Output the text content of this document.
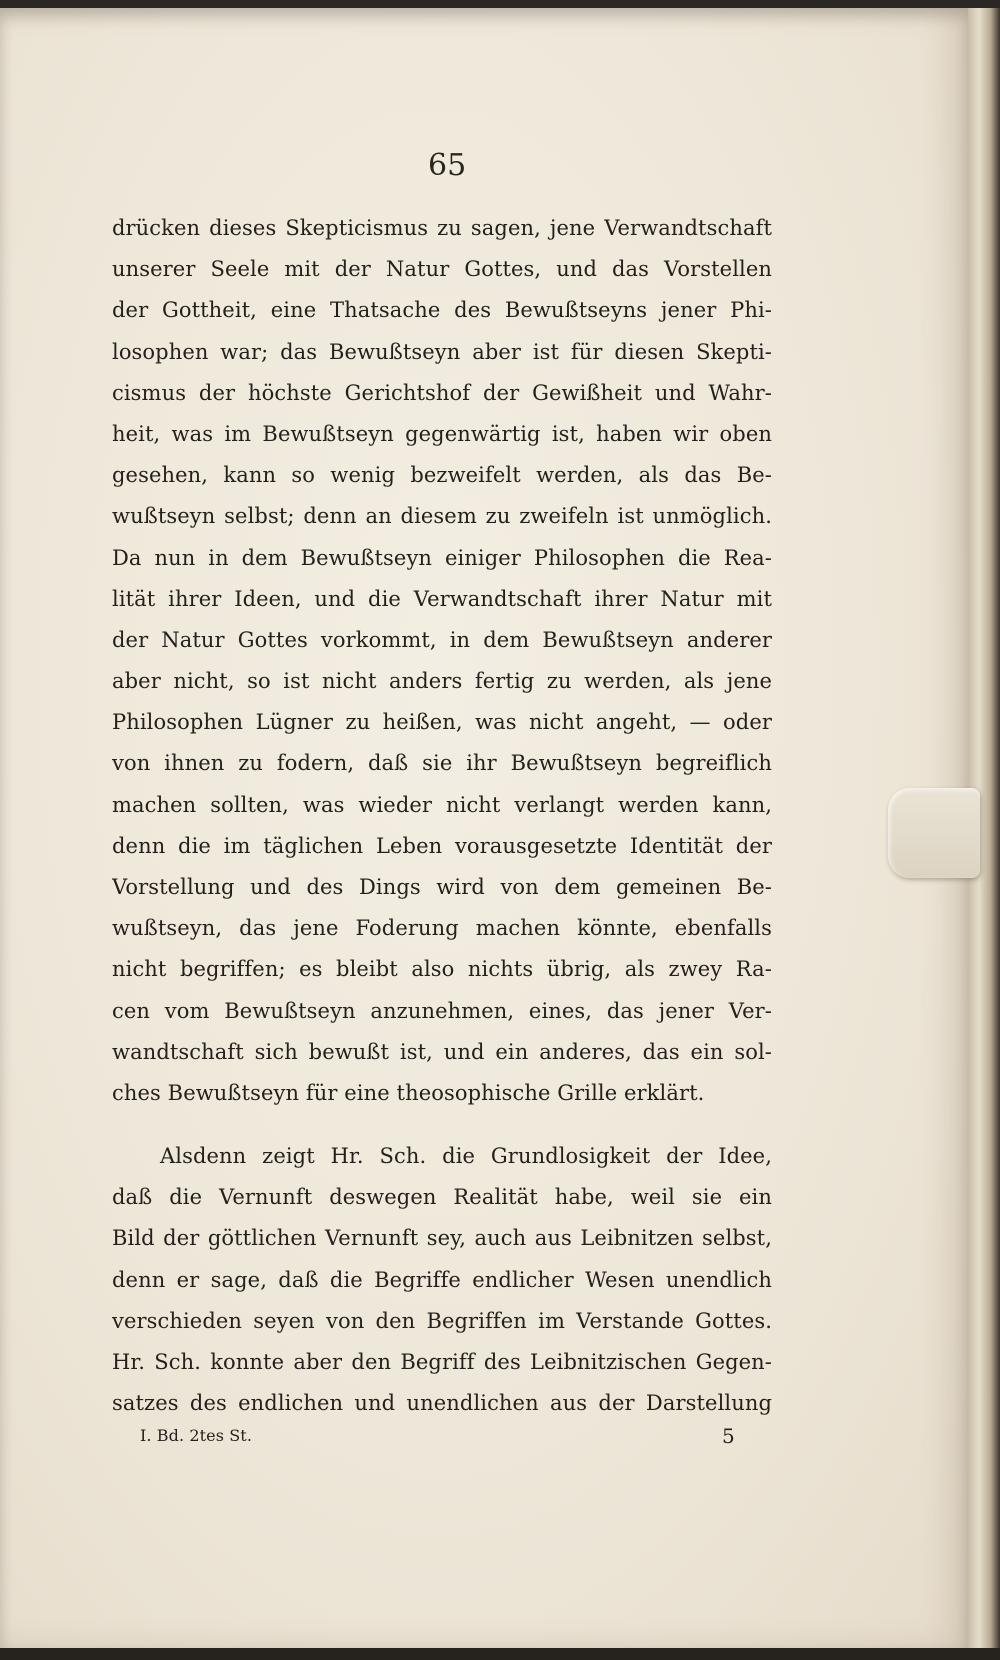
65
drücken dieses Skepticismus zu sagen, jene Verwandtschaft
unserer Seele mit der Natur Gottes, und das Vorstellen
der Gottheit, eine Thatsache des Bewußtseyns jener Phi-
losophen war; das Bewußtseyn aber ist für diesen Skepti-
cismus der höchste Gerichtshof der Gewißheit und Wahr-
heit, was im Bewußtseyn gegenwärtig ist, haben wir oben
gesehen, kann so wenig bezweifelt werden, als das Be-
wußtseyn selbst; denn an diesem zu zweifeln ist unmöglich.
Da nun in dem Bewußtseyn einiger Philosophen die Rea-
lität ihrer Ideen, und die Verwandtschaft ihrer Natur mit
der Natur Gottes vorkommt, in dem Bewußtseyn anderer
aber nicht, so ist nicht anders fertig zu werden, als jene
Philosophen Lügner zu heißen, was nicht angeht, — oder
von ihnen zu fodern, daß sie ihr Bewußtseyn begreiflich
machen sollten, was wieder nicht verlangt werden kann,
denn die im täglichen Leben vorausgesetzte Identität der
Vorstellung und des Dings wird von dem gemeinen Be-
wußtseyn, das jene Foderung machen könnte, ebenfalls
nicht begriffen; es bleibt also nichts übrig, als zwey Ra-
cen vom Bewußtseyn anzunehmen, eines, das jener Ver-
wandtschaft sich bewußt ist, und ein anderes, das ein sol-
ches Bewußtseyn für eine theosophische Grille erklärt.
Alsdenn zeigt Hr. Sch. die Grundlosigkeit der Idee,
daß die Vernunft deswegen Realität habe, weil sie ein
Bild der göttlichen Vernunft sey, auch aus Leibnitzen selbst,
denn er sage, daß die Begriffe endlicher Wesen unendlich
verschieden seyen von den Begriffen im Verstande Gottes.
Hr. Sch. konnte aber den Begriff des Leibnitzischen Gegen-
satzes des endlichen und unendlichen aus der Darstellung
I. Bd. 2tes St.	5
